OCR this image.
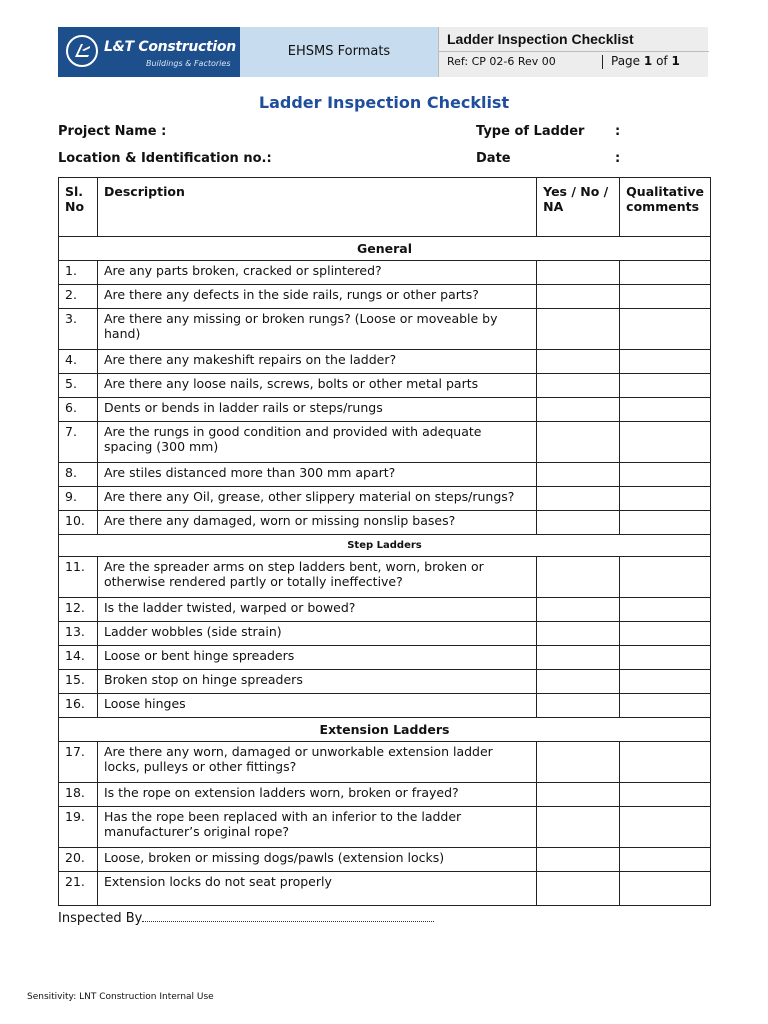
L&T Construction
Buildings & Factories
EHSMS Formats
Ladder Inspection Checklist
Ref: CP 02-6 Rev 00	Page 1 of 1
Ladder Inspection Checklist
Project Name :	Type of Ladder :
Location & Identification no.:	Date	:
Sl. No	Description	Yes / No / NA	Qualitative comments
General			
1.	Are any parts broken, cracked or splintered?		
2.	Are there any defects in the side rails, rungs or other parts?		
3.	Are there any missing or broken rungs? (Loose or moveable by hand)		
4.	Are there any makeshift repairs on the ladder?		
5.	Are there any loose nails, screws, bolts or other metal parts		
6.	Dents or bends in ladder rails or steps/rungs		
7.	Are the rungs in good condition and provided with adequate spacing (300 mm)		
8.	Are stiles distanced more than 300 mm apart?		
9.	Are there any Oil, grease, other slippery material on steps/rungs?		
10.	Are there any damaged, worn or missing nonslip bases?		
Step Ladders			
11.	Are the spreader arms on step ladders bent, worn, broken or otherwise rendered partly or totally ineffective?		
12.	Is the ladder twisted, warped or bowed?		
13.	Ladder wobbles (side strain)		
14.	Loose or bent hinge spreaders		
15.	Broken stop on hinge spreaders		
16.	Loose hinges		
Extension Ladders			
17.	Are there any worn, damaged or unworkable extension ladder locks, pulleys or other fittings?		
18.	Is the rope on extension ladders worn, broken or frayed?		
19.	Has the rope been replaced with an inferior to the ladder manufacturer’s original rope?		
20.	Loose, broken or missing dogs/pawls (extension locks)		
21.	Extension locks do not seat properly		
Inspected By
Sensitivity: LNT Construction Internal Use
